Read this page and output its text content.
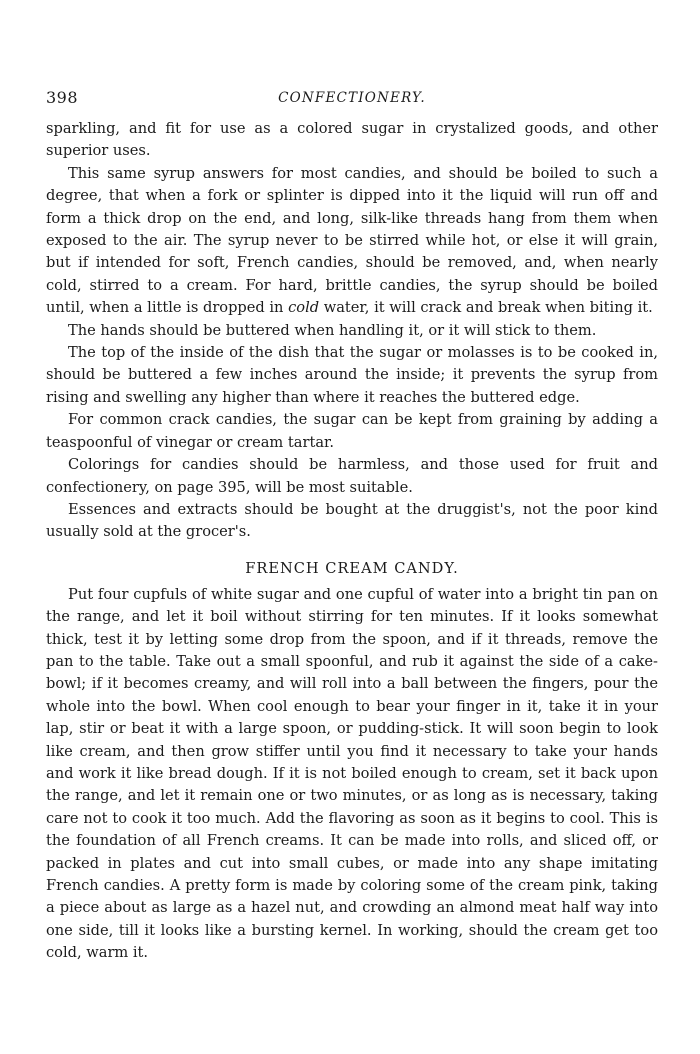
398	CONFECTIONERY.

sparkling, and fit for use as a colored sugar in crystalized goods, and other superior uses.

This same syrup answers for most candies, and should be boiled to such a degree, that when a fork or splinter is dipped into it the liquid will run off and form a thick drop on the end, and long, silk-like threads hang from them when exposed to the air. The syrup never to be stirred while hot, or else it will grain, but if intended for soft, French candies, should be removed, and, when nearly cold, stirred to a cream. For hard, brittle candies, the syrup should be boiled until, when a little is dropped in cold water, it will crack and break when biting it.

The hands should be buttered when handling it, or it will stick to them.

The top of the inside of the dish that the sugar or molasses is to be cooked in, should be buttered a few inches around the inside; it prevents the syrup from rising and swelling any higher than where it reaches the buttered edge.

For common crack candies, the sugar can be kept from graining by adding a teaspoonful of vinegar or cream tartar.

Colorings for candies should be harmless, and those used for fruit and confectionery, on page 395, will be most suitable.

Essences and extracts should be bought at the druggist's, not the poor kind usually sold at the grocer's.

FRENCH CREAM CANDY.

Put four cupfuls of white sugar and one cupful of water into a bright tin pan on the range, and let it boil without stirring for ten minutes. If it looks somewhat thick, test it by letting some drop from the spoon, and if it threads, remove the pan to the table. Take out a small spoonful, and rub it against the side of a cake-bowl; if it becomes creamy, and will roll into a ball between the fingers, pour the whole into the bowl. When cool enough to bear your finger in it, take it in your lap, stir or beat it with a large spoon, or pudding-stick. It will soon begin to look like cream, and then grow stiffer until you find it necessary to take your hands and work it like bread dough. If it is not boiled enough to cream, set it back upon the range, and let it remain one or two minutes, or as long as is necessary, taking care not to cook it too much. Add the flavoring as soon as it begins to cool. This is the foundation of all French creams. It can be made into rolls, and sliced off, or packed in plates and cut into small cubes, or made into any shape imitating French candies. A pretty form is made by coloring some of the cream pink, taking a piece about as large as a hazel nut, and crowding an almond meat half way into one side, till it looks like a bursting kernel. In working, should the cream get too cold, warm it.
